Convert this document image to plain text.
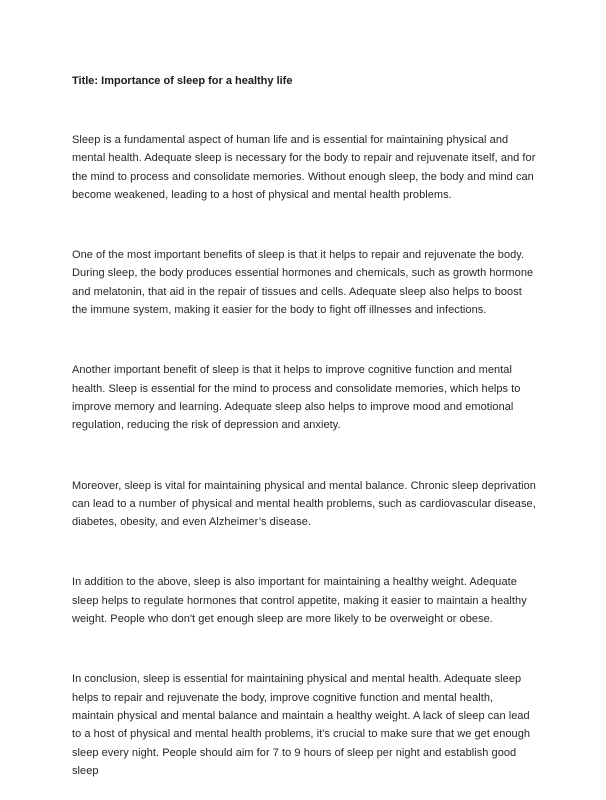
Title: Importance of sleep for a healthy life

Sleep is a fundamental aspect of human life and is essential for maintaining physical and mental health. Adequate sleep is necessary for the body to repair and rejuvenate itself, and for the mind to process and consolidate memories. Without enough sleep, the body and mind can become weakened, leading to a host of physical and mental health problems.

One of the most important benefits of sleep is that it helps to repair and rejuvenate the body. During sleep, the body produces essential hormones and chemicals, such as growth hormone and melatonin, that aid in the repair of tissues and cells. Adequate sleep also helps to boost the immune system, making it easier for the body to fight off illnesses and infections.

Another important benefit of sleep is that it helps to improve cognitive function and mental health. Sleep is essential for the mind to process and consolidate memories, which helps to improve memory and learning. Adequate sleep also helps to improve mood and emotional regulation, reducing the risk of depression and anxiety.

Moreover, sleep is vital for maintaining physical and mental balance. Chronic sleep deprivation can lead to a number of physical and mental health problems, such as cardiovascular disease, diabetes, obesity, and even Alzheimer’s disease.

In addition to the above, sleep is also important for maintaining a healthy weight. Adequate sleep helps to regulate hormones that control appetite, making it easier to maintain a healthy weight. People who don't get enough sleep are more likely to be overweight or obese.

In conclusion, sleep is essential for maintaining physical and mental health. Adequate sleep helps to repair and rejuvenate the body, improve cognitive function and mental health, maintain physical and mental balance and maintain a healthy weight. A lack of sleep can lead to a host of physical and mental health problems, it's crucial to make sure that we get enough sleep every night. People should aim for 7 to 9 hours of sleep per night and establish good sleep
